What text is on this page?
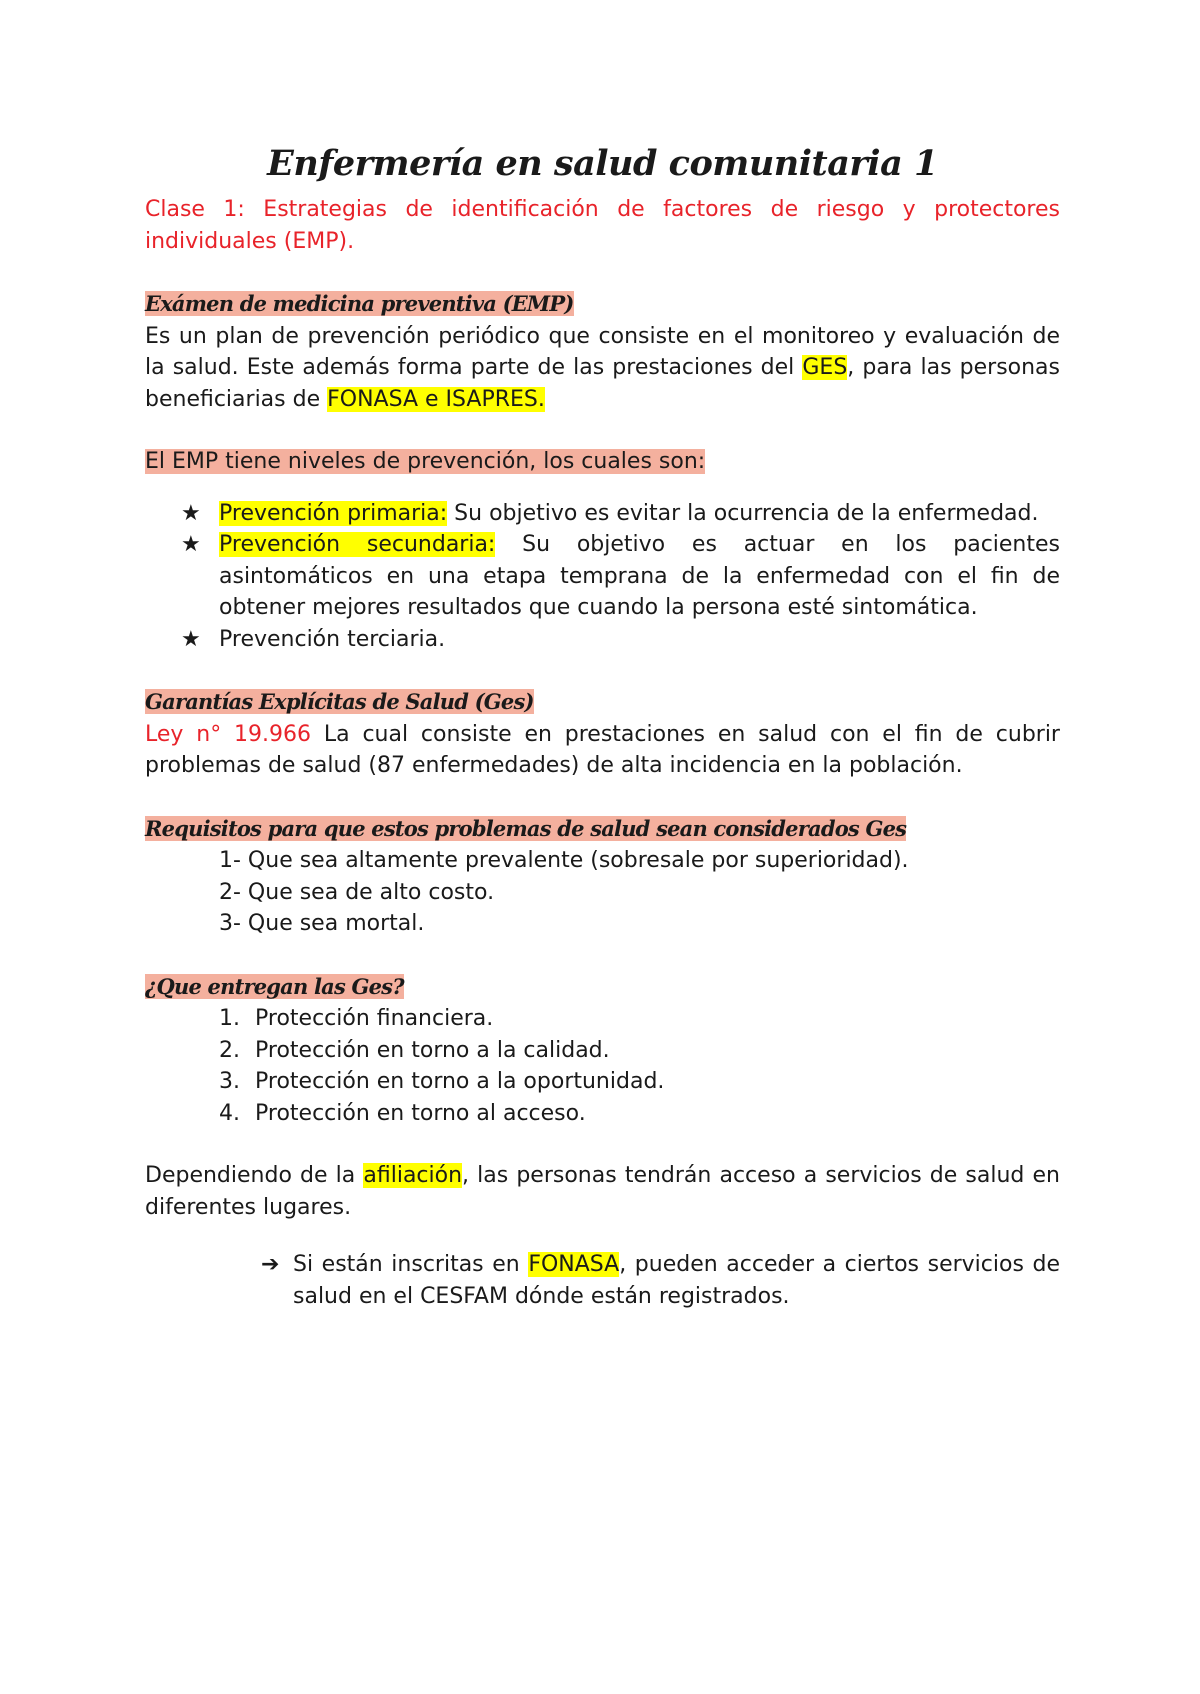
Enfermería en salud comunitaria 1

Clase 1: Estrategias de identificación de factores de riesgo y protectores individuales (EMP).

Exámen de medicina preventiva (EMP)

Es un plan de prevención periódico que consiste en el monitoreo y evaluación de la salud. Este además forma parte de las prestaciones del GES, para las personas beneficiarias de FONASA e ISAPRES.

El EMP tiene niveles de prevención, los cuales son:

★ Prevención primaria: Su objetivo es evitar la ocurrencia de la enfermedad.
★ Prevención secundaria: Su objetivo es actuar en los pacientes asintomáticos en una etapa temprana de la enfermedad con el fin de obtener mejores resultados que cuando la persona esté sintomática.
★ Prevención terciaria.

Garantías Explícitas de Salud (Ges)

Ley n° 19.966 La cual consiste en prestaciones en salud con el fin de cubrir problemas de salud (87 enfermedades) de alta incidencia en la población.

Requisitos para que estos problemas de salud sean considerados Ges

1- Que sea altamente prevalente (sobresale por superioridad).
2- Que sea de alto costo.
3- Que sea mortal.

¿Que entregan las Ges?

1. Protección financiera.
2. Protección en torno a la calidad.
3. Protección en torno a la oportunidad.
4. Protección en torno al acceso.

Dependiendo de la afiliación, las personas tendrán acceso a servicios de salud en diferentes lugares.

➔ Si están inscritas en FONASA, pueden acceder a ciertos servicios de salud en el CESFAM dónde están registrados.
